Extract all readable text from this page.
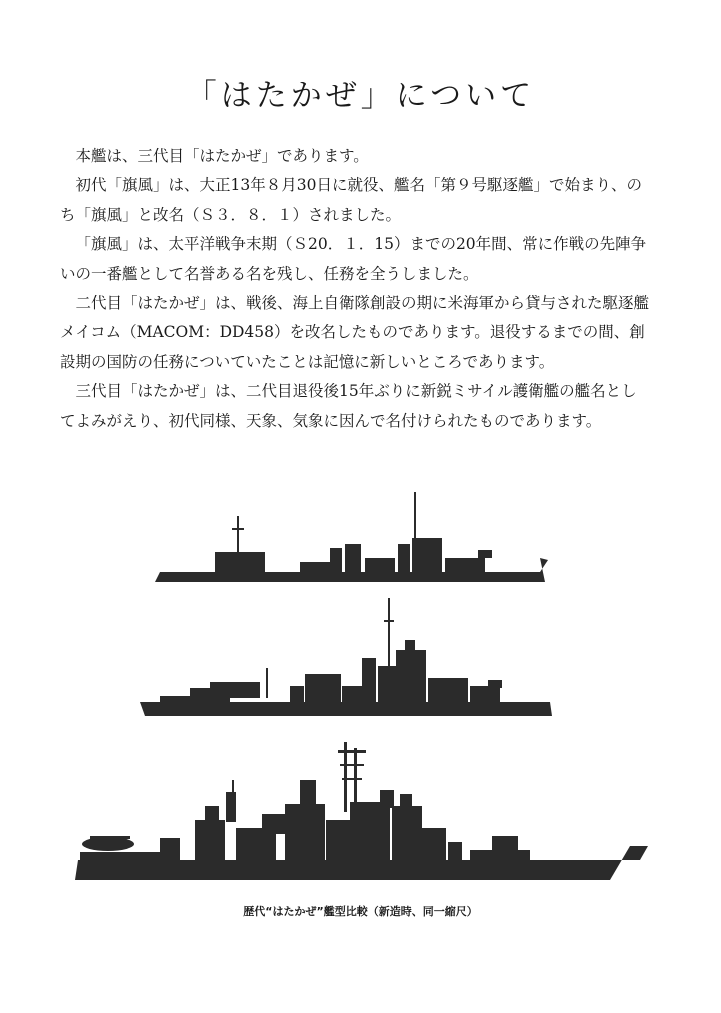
「はたかぜ」について

本艦は、三代目「はたかぜ」であります。

初代「旗風」は、大正13年８月30日に就役、艦名「第９号駆逐艦」で始まり、のち「旗風」と改名（Ｓ３．８．１）されました。

「旗風」は、太平洋戦争末期（Ｓ20．１．15）までの20年間、常に作戦の先陣争いの一番艦として名誉ある名を残し、任務を全うしました。

二代目「はたかぜ」は、戦後、海上自衛隊創設の期に米海軍から貸与された駆逐艦メイコム（MACOM：DD458）を改名したものであります。退役するまでの間、創設期の国防の任務についていたことは記憶に新しいところであります。

三代目「はたかぜ」は、二代目退役後15年ぶりに新鋭ミサイル護衛艦の艦名としてよみがえり、初代同様、天象、気象に因んで名付けられたものであります。

歴代“はたかぜ”艦型比較（新造時、同一縮尺）
